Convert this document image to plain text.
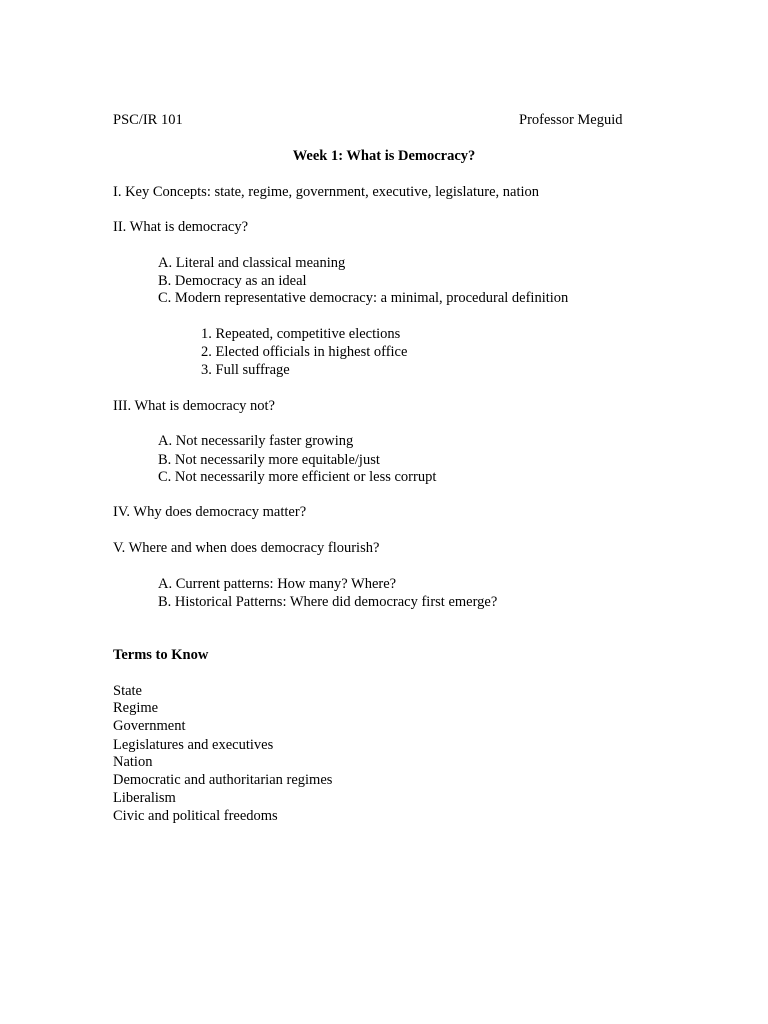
PSC/IR 101	Professor Meguid
Week 1: What is Democracy?
I. Key Concepts: state, regime, government, executive, legislature, nation
II. What is democracy?
A. Literal and classical meaning
B. Democracy as an ideal
C. Modern representative democracy: a minimal, procedural definition
1. Repeated, competitive elections
2. Elected officials in highest office
3. Full suffrage
III. What is democracy not?
A. Not necessarily faster growing
B. Not necessarily more equitable/just
C. Not necessarily more efficient or less corrupt
IV. Why does democracy matter?
V. Where and when does democracy flourish?
A. Current patterns: How many? Where?
B. Historical Patterns: Where did democracy first emerge?
Terms to Know
State
Regime
Government
Legislatures and executives
Nation
Democratic and authoritarian regimes
Liberalism
Civic and political freedoms
